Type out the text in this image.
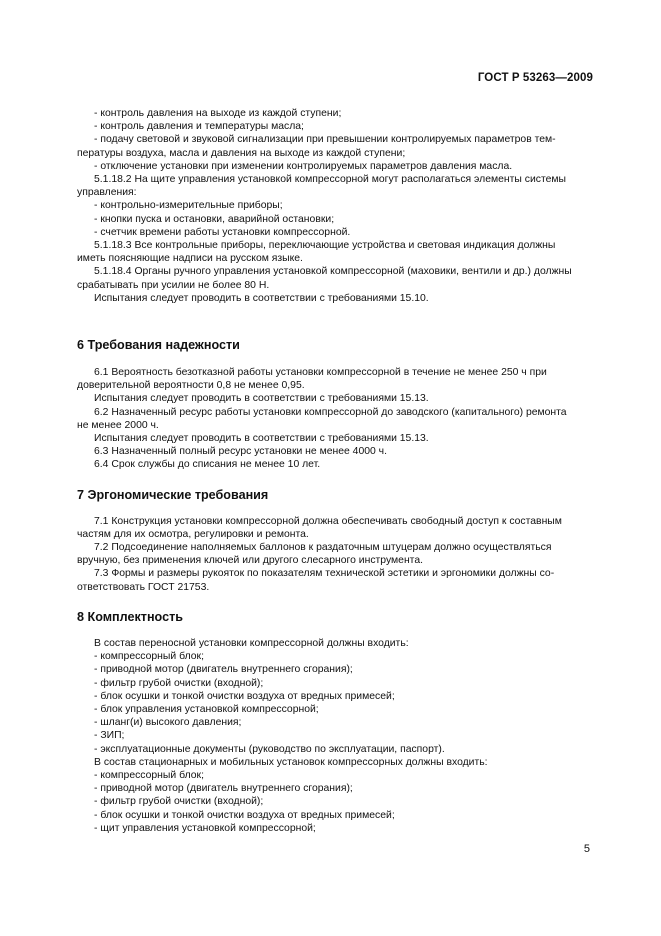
ГОСТ Р 53263—2009

- контроль давления на выходе из каждой ступени;

- контроль давления и температуры масла;

- подачу световой и звуковой сигнализации при превышении контролируемых параметров тем-

пературы воздуха, масла и давления на выходе из каждой ступени;

- отключение установки при изменении контролируемых параметров давления масла.

5.1.18.2 На щите управления установкой компрессорной могут располагаться элементы системы

управления:

- контрольно-измерительные приборы;

- кнопки пуска и остановки, аварийной остановки;

- счетчик времени работы установки компрессорной.

5.1.18.3 Все контрольные приборы, переключающие устройства и световая индикация должны

иметь поясняющие надписи на русском языке.

5.1.18.4 Органы ручного управления установкой компрессорной (маховики, вентили и др.) должны

срабатывать при усилии не более 80 Н.

Испытания следует проводить в соответствии с требованиями 15.10.

6 Требования надежности

6.1 Вероятность безотказной работы установки компрессорной в течение не менее 250 ч при

доверительной вероятности 0,8 не менее 0,95.

Испытания следует проводить в соответствии с требованиями 15.13.

6.2 Назначенный ресурс работы установки компрессорной до заводского (капитального) ремонта

не менее 2000 ч.

Испытания следует проводить в соответствии с требованиями 15.13.

6.3 Назначенный полный ресурс установки не менее 4000 ч.

6.4 Срок службы до списания не менее 10 лет.

7 Эргономические требования

7.1 Конструкция установки компрессорной должна обеспечивать свободный доступ к составным

частям для их осмотра, регулировки и ремонта.

7.2 Подсоединение наполняемых баллонов к раздаточным штуцерам должно осуществляться

вручную, без применения ключей или другого слесарного инструмента.

7.3 Формы и размеры рукояток по показателям технической эстетики и эргономики должны со-

ответствовать ГОСТ 21753.

8 Комплектность

В состав переносной установки компрессорной должны входить:

- компрессорный блок;

- приводной мотор (двигатель внутреннего сгорания);

- фильтр грубой очистки (входной);

- блок осушки и тонкой очистки воздуха от вредных примесей;

- блок управления установкой компрессорной;

- шланг(и) высокого давления;

- ЗИП;

- эксплуатационные документы (руководство по эксплуатации, паспорт).

В состав стационарных и мобильных установок компрессорных должны входить:

- компрессорный блок;

- приводной мотор (двигатель внутреннего сгорания);

- фильтр грубой очистки (входной);

- блок осушки и тонкой очистки воздуха от вредных примесей;

- щит управления установкой компрессорной;

5
